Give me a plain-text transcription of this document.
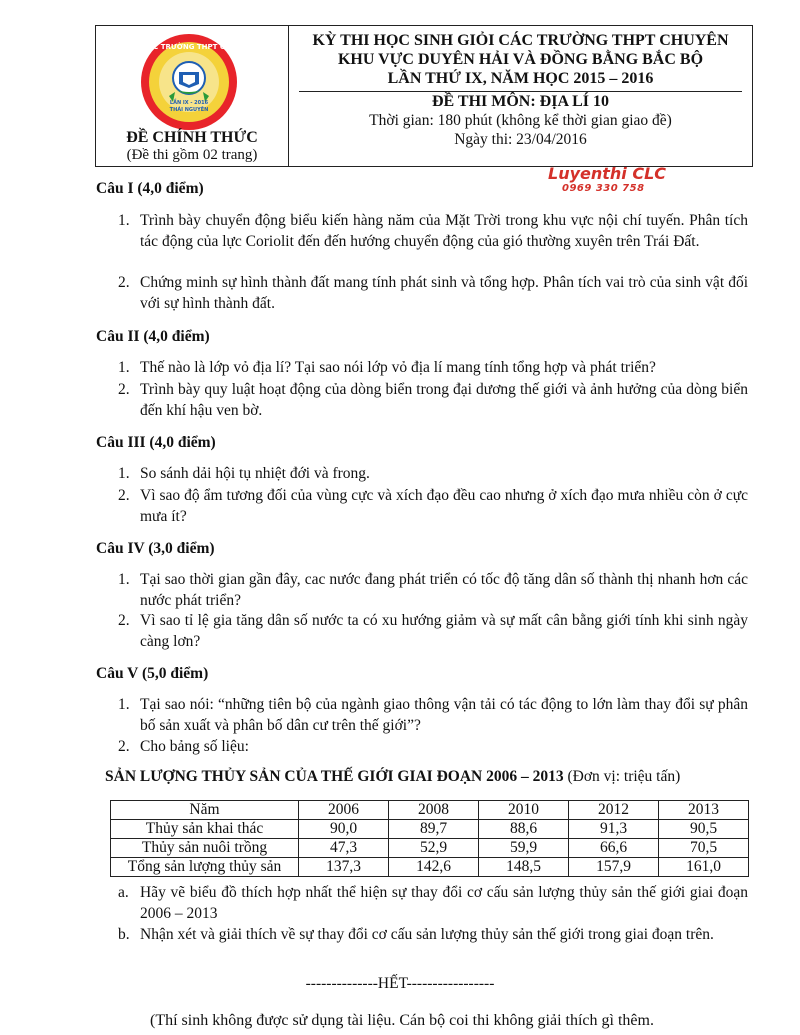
HỘI CÁC TRƯỜNG THPT CHUYÊN
LẦN IX - 2016
THÁI NGUYÊN
ĐỀ CHÍNH THỨC
(Đề thi gồm 02 trang)
KỲ THI HỌC SINH GIỎI CÁC TRƯỜNG THPT CHUYÊN
KHU VỰC DUYÊN HẢI VÀ ĐỒNG BẰNG BẮC BỘ
LẦN THỨ IX, NĂM HỌC 2015 – 2016
ĐỀ THI MÔN: ĐỊA LÍ 10
Thời gian: 180 phút (không kể thời gian giao đề)
Ngày thi: 23/04/2016
Luyenthi CLC
0969 330 758
Câu I (4,0 điểm)
1. Trình bày chuyển động biểu kiến hàng năm của Mặt Trời trong khu vực nội chí tuyến. Phân tích tác động của lực Coriolit đến đến hướng chuyển động của gió thường xuyên trên Trái Đất.
2. Chứng minh sự hình thành đất mang tính phát sinh và tổng hợp. Phân tích vai trò của sinh vật đối với sự hình thành đất.
Câu II (4,0 điểm)
1. Thế nào là lớp vỏ địa lí? Tại sao nói lớp vỏ địa lí mang tính tổng hợp và phát triển?
2. Trình bày quy luật hoạt động của dòng biển trong đại dương thế giới và ảnh hưởng của dòng biển đến khí hậu ven bờ.
Câu III (4,0 điểm)
1. So sánh dải hội tụ nhiệt đới và frong.
2. Vì sao độ ẩm tương đối của vùng cực và xích đạo đều cao nhưng ở xích đạo mưa nhiều còn ở cực mưa ít?
Câu IV (3,0 điểm)
1. Tại sao thời gian gần đây, cac nước đang phát triển có tốc độ tăng dân số thành thị nhanh hơn các nước phát triển?
2. Vì sao tỉ lệ gia tăng dân số nước ta có xu hướng giảm và sự mất cân bằng giới tính khi sinh ngày càng lơn?
Câu V (5,0 điểm)
1. Tại sao nói: “những tiên bộ của ngành giao thông vận tải có tác động to lớn làm thay đổi sự phân bố sản xuất và phân bố dân cư trên thế giới”?
2. Cho bảng số liệu:
SẢN LƯỢNG THỦY SẢN CỦA THẾ GIỚI GIAI ĐOẠN 2006 – 2013 (Đơn vị: triệu tấn)
Năm	2006	2008	2010	2012	2013
Thủy sản khai thác	90,0	89,7	88,6	91,3	90,5
Thủy sản nuôi trồng	47,3	52,9	59,9	66,6	70,5
Tổng sản lượng thủy sản	137,3	142,6	148,5	157,9	161,0
a. Hãy vẽ biểu đồ thích hợp nhất thể hiện sự thay đổi cơ cấu sản lượng thủy sản thế giới giai đoạn 2006 – 2013
b. Nhận xét và giải thích về sự thay đổi cơ cấu sản lượng thủy sản thế giới trong giai đoạn trên.
--------------HẾT-----------------
(Thí sinh không được sử dụng tài liệu. Cán bộ coi thi không giải thích gì thêm.
